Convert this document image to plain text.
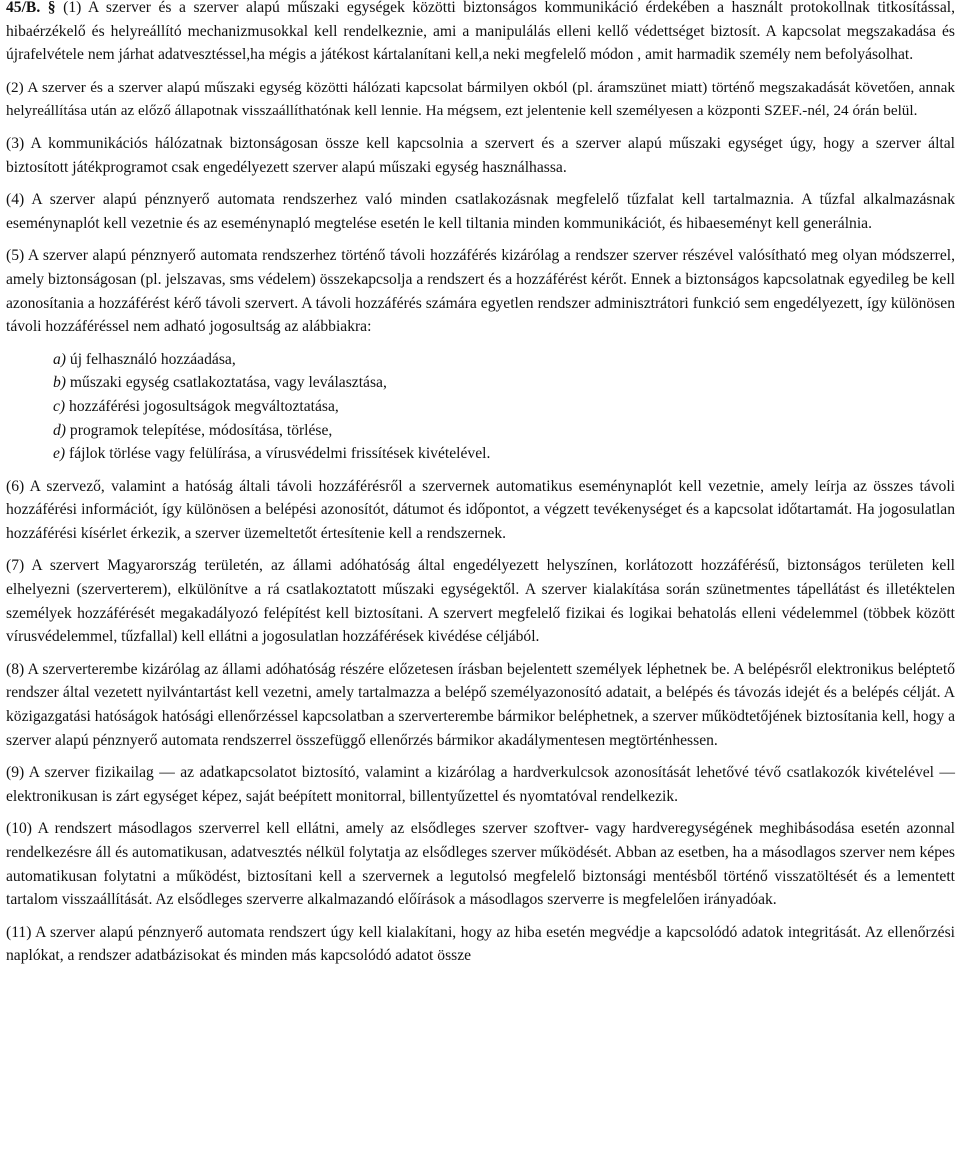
45/B. § (1) A szerver és a szerver alapú műszaki egységek közötti biztonságos kommunikáció érdekében a használt protokollnak titkosítással, hibaérzékelő és helyreállító mechanizmusokkal kell rendelkeznie, ami a manipulálás elleni kellő védettséget biztosít. A kapcsolat megszakadása és újrafelvétele nem járhat adatvesztéssel,ha mégis a játékost kártalanítani kell,a neki megfelelő módon , amit harmadik személy nem befolyásolhat.

(2) A szerver és a szerver alapú műszaki egység közötti hálózati kapcsolat bármilyen okból (pl. áramszünet miatt) történő megszakadását követően, annak helyreállítása után az előző állapotnak visszaállíthatónak kell lennie. Ha mégsem, ezt jelentenie kell személyesen a központi SZEF.-nél, 24 órán belül.

(3) A kommunikációs hálózatnak biztonságosan össze kell kapcsolnia a szervert és a szerver alapú műszaki egységet úgy, hogy a szerver által biztosított játékprogramot csak engedélyezett szerver alapú műszaki egység használhassa.

(4) A szerver alapú pénznyerő automata rendszerhez való minden csatlakozásnak megfelelő tűzfalat kell tartalmaznia. A tűzfal alkalmazásnak eseménynaplót kell vezetnie és az eseménynapló megtelése esetén le kell tiltania minden kommunikációt, és hibaeseményt kell generálnia.

(5) A szerver alapú pénznyerő automata rendszerhez történő távoli hozzáférés kizárólag a rendszer szerver részével valósítható meg olyan módszerrel, amely biztonságosan (pl. jelszavas, sms védelem) összekapcsolja a rendszert és a hozzáférést kérőt. Ennek a biztonságos kapcsolatnak egyedileg be kell azonosítania a hozzáférést kérő távoli szervert. A távoli hozzáférés számára egyetlen rendszer adminisztrátori funkció sem engedélyezett, így különösen távoli hozzáféréssel nem adható jogosultság az alábbiakra:

a) új felhasználó hozzáadása,
b) műszaki egység csatlakoztatása, vagy leválasztása,
c) hozzáférési jogosultságok megváltoztatása,
d) programok telepítése, módosítása, törlése,
e) fájlok törlése vagy felülírása, a vírusvédelmi frissítések kivételével.

(6) A szervező, valamint a hatóság általi távoli hozzáférésről a szervernek automatikus eseménynaplót kell vezetnie, amely leírja az összes távoli hozzáférési információt, így különösen a belépési azonosítót, dátumot és időpontot, a végzett tevékenységet és a kapcsolat időtartamát. Ha jogosulatlan hozzáférési kísérlet érkezik, a szerver üzemeltetőt értesítenie kell a rendszernek.

(7) A szervert Magyarország területén, az állami adóhatóság által engedélyezett helyszínen, korlátozott hozzáférésű, biztonságos területen kell elhelyezni (szerverterem), elkülönítve a rá csatlakoztatott műszaki egységektől. A szerver kialakítása során szünetmentes tápellátást és illetéktelen személyek hozzáférését megakadályozó felépítést kell biztosítani. A szervert megfelelő fizikai és logikai behatolás elleni védelemmel (többek között vírusvédelemmel, tűzfallal) kell ellátni a jogosulatlan hozzáférések kivédése céljából.

(8) A szerverterembe kizárólag az állami adóhatóság részére előzetesen írásban bejelentett személyek léphetnek be. A belépésről elektronikus beléptető rendszer által vezetett nyilvántartást kell vezetni, amely tartalmazza a belépő személyazonosító adatait, a belépés és távozás idejét és a belépés célját. A közigazgatási hatóságok hatósági ellenőrzéssel kapcsolatban a szerverterembe bármikor beléphetnek, a szerver működtetőjének biztosítania kell, hogy a szerver alapú pénznyerő automata rendszerrel összefüggő ellenőrzés bármikor akadálymentesen megtörténhessen.

(9) A szerver fizikailag — az adatkapcsolatot biztosító, valamint a kizárólag a hardverkulcsok azonosítását lehetővé tévő csatlakozók kivételével — elektronikusan is zárt egységet képez, saját beépített monitorral, billentyűzettel és nyomtatóval rendelkezik.

(10) A rendszert másodlagos szerverrel kell ellátni, amely az elsődleges szerver szoftver- vagy hardveregységének meghibásodása esetén azonnal rendelkezésre áll és automatikusan, adatvesztés nélkül folytatja az elsődleges szerver működését. Abban az esetben, ha a másodlagos szerver nem képes automatikusan folytatni a működést, biztosítani kell a szervernek a legutolsó megfelelő biztonsági mentésből történő visszatöltését és a lementett tartalom visszaállítását. Az elsődleges szerverre alkalmazandó előírások a másodlagos szerverre is megfelelően irányadóak.

(11) A szerver alapú pénznyerő automata rendszert úgy kell kialakítani, hogy az hiba esetén megvédje a kapcsolódó adatok integritását. Az ellenőrzési naplókat, a rendszer adatbázisokat és minden más kapcsolódó adatot össze
